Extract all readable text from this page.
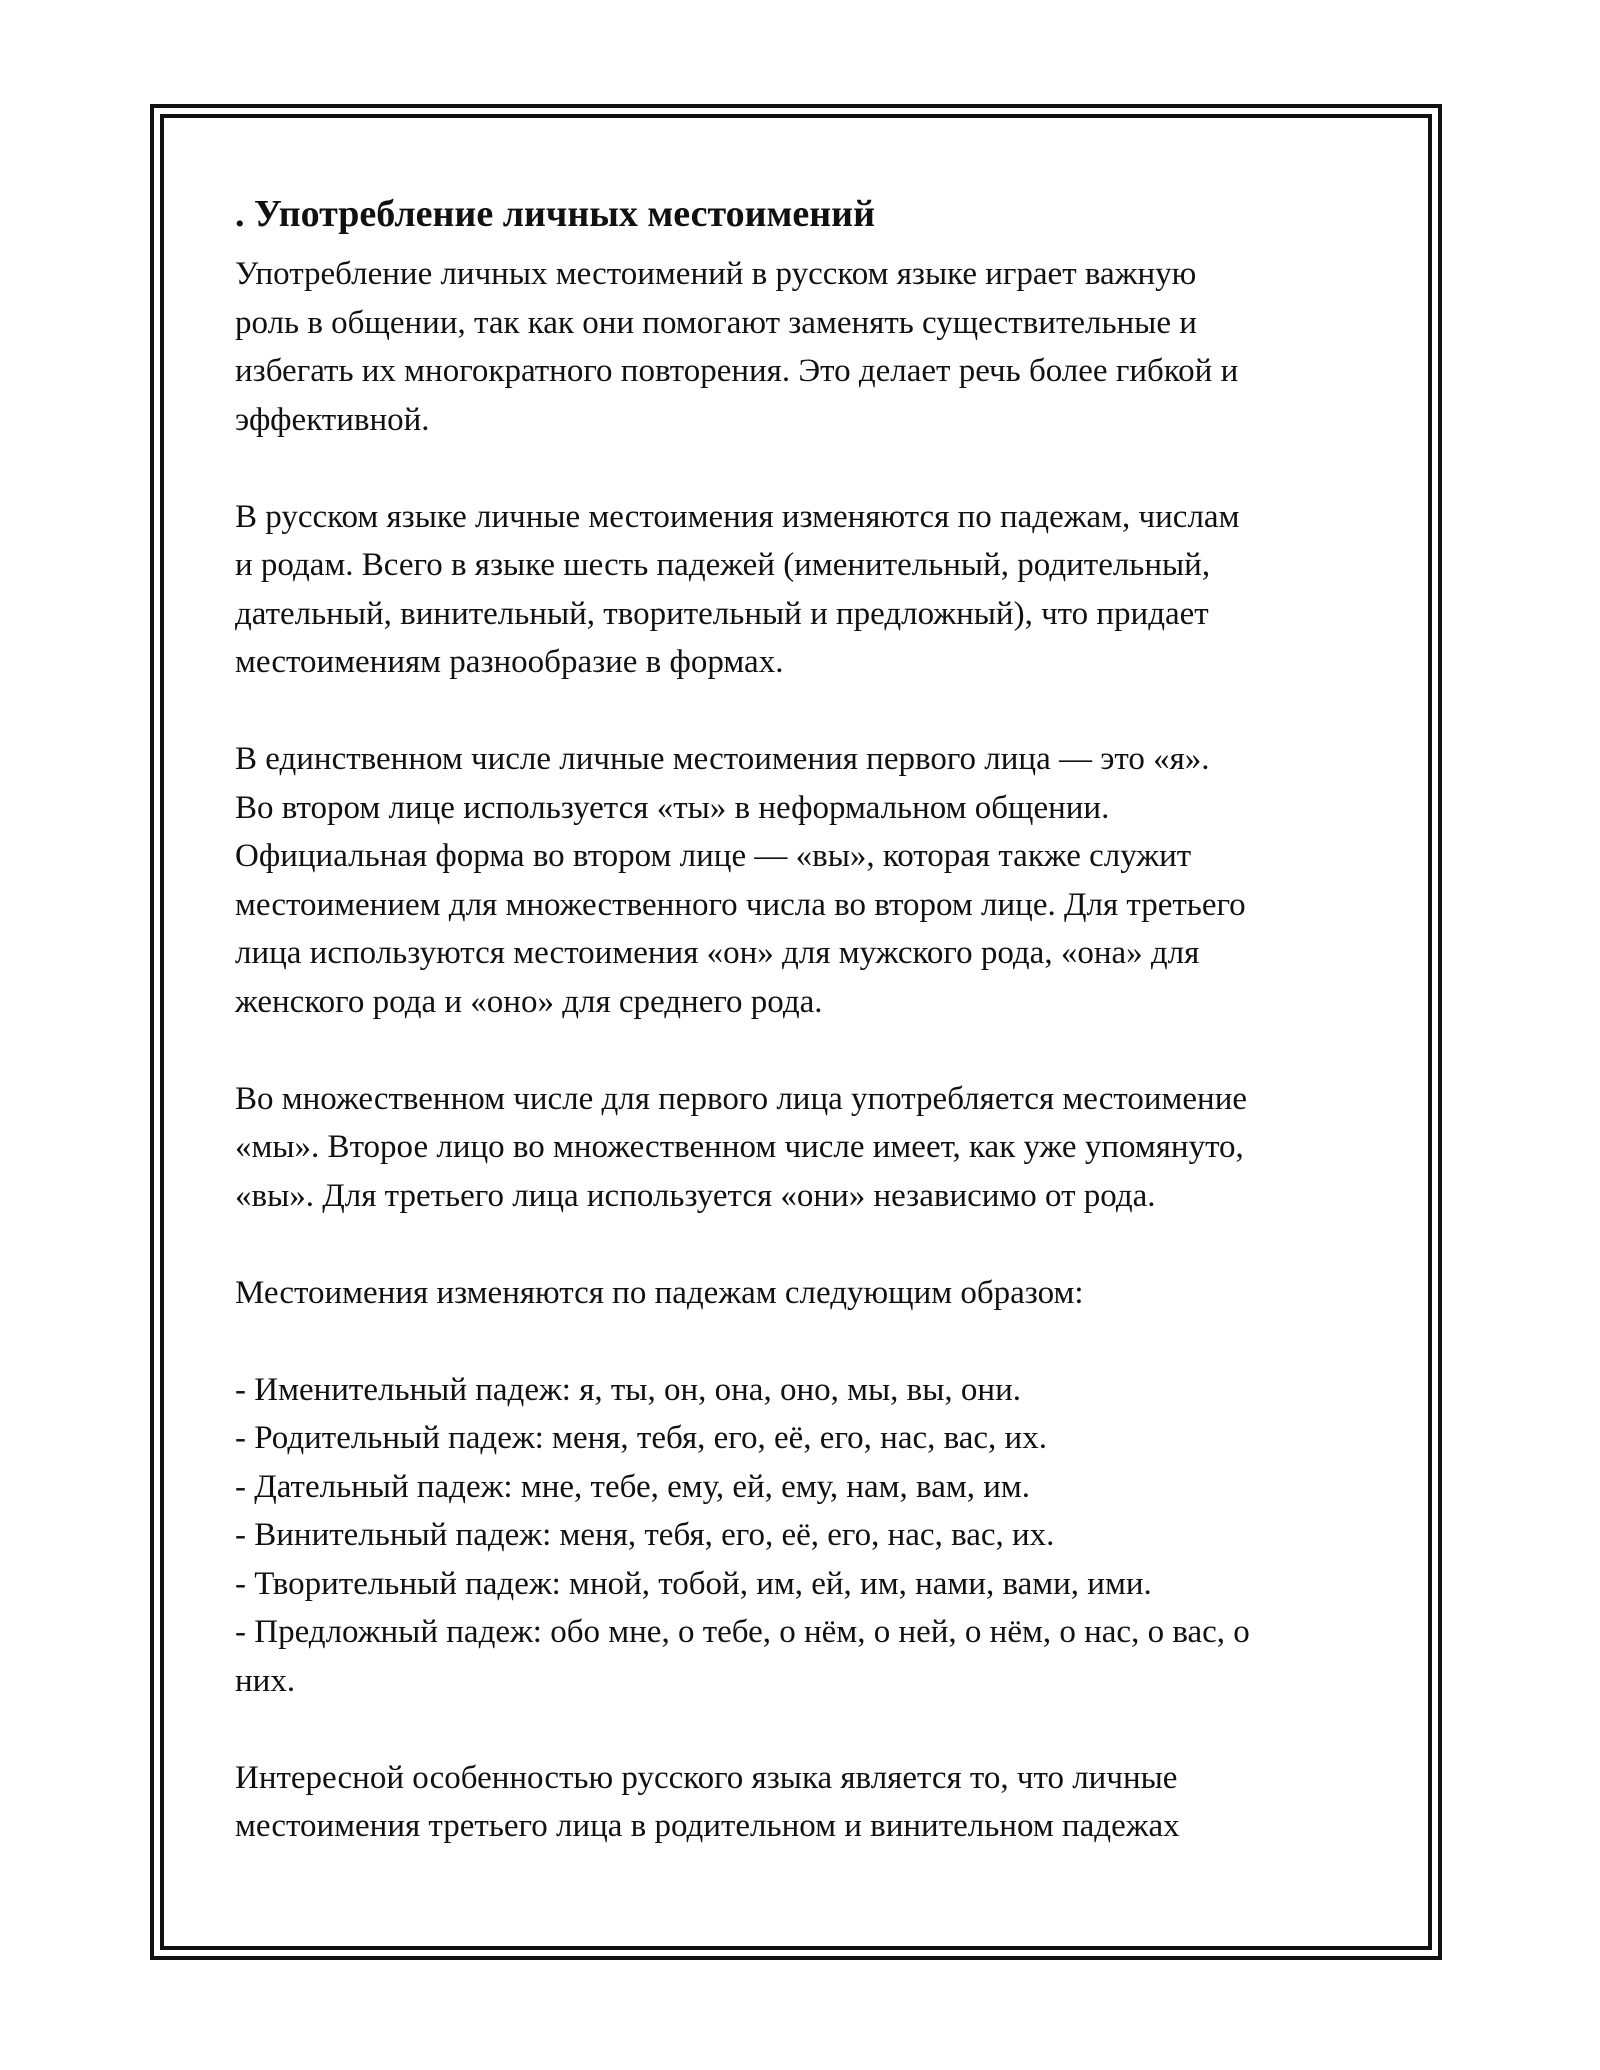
. Употребление личных местоимений
Употребление личных местоимений в русском языке играет важную
роль в общении, так как они помогают заменять существительные и
избегать их многократного повторения. Это делает речь более гибкой и
эффективной.
В русском языке личные местоимения изменяются по падежам, числам
и родам. Всего в языке шесть падежей (именительный, родительный,
дательный, винительный, творительный и предложный), что придает
местоимениям разнообразие в формах.
В единственном числе личные местоимения первого лица — это «я».
Во втором лице используется «ты» в неформальном общении.
Официальная форма во втором лице — «вы», которая также служит
местоимением для множественного числа во втором лице. Для третьего
лица используются местоимения «он» для мужского рода, «она» для
женского рода и «оно» для среднего рода.
Во множественном числе для первого лица употребляется местоимение
«мы». Второе лицо во множественном числе имеет, как уже упомянуто,
«вы». Для третьего лица используется «они» независимо от рода.
Местоимения изменяются по падежам следующим образом:
- Именительный падеж: я, ты, он, она, оно, мы, вы, они.
- Родительный падеж: меня, тебя, его, её, его, нас, вас, их.
- Дательный падеж: мне, тебе, ему, ей, ему, нам, вам, им.
- Винительный падеж: меня, тебя, его, её, его, нас, вас, их.
- Творительный падеж: мной, тобой, им, ей, им, нами, вами, ими.
- Предложный падеж: обо мне, о тебе, о нём, о ней, о нём, о нас, о вас, о
них.
Интересной особенностью русского языка является то, что личные
местоимения третьего лица в родительном и винительном падежах
